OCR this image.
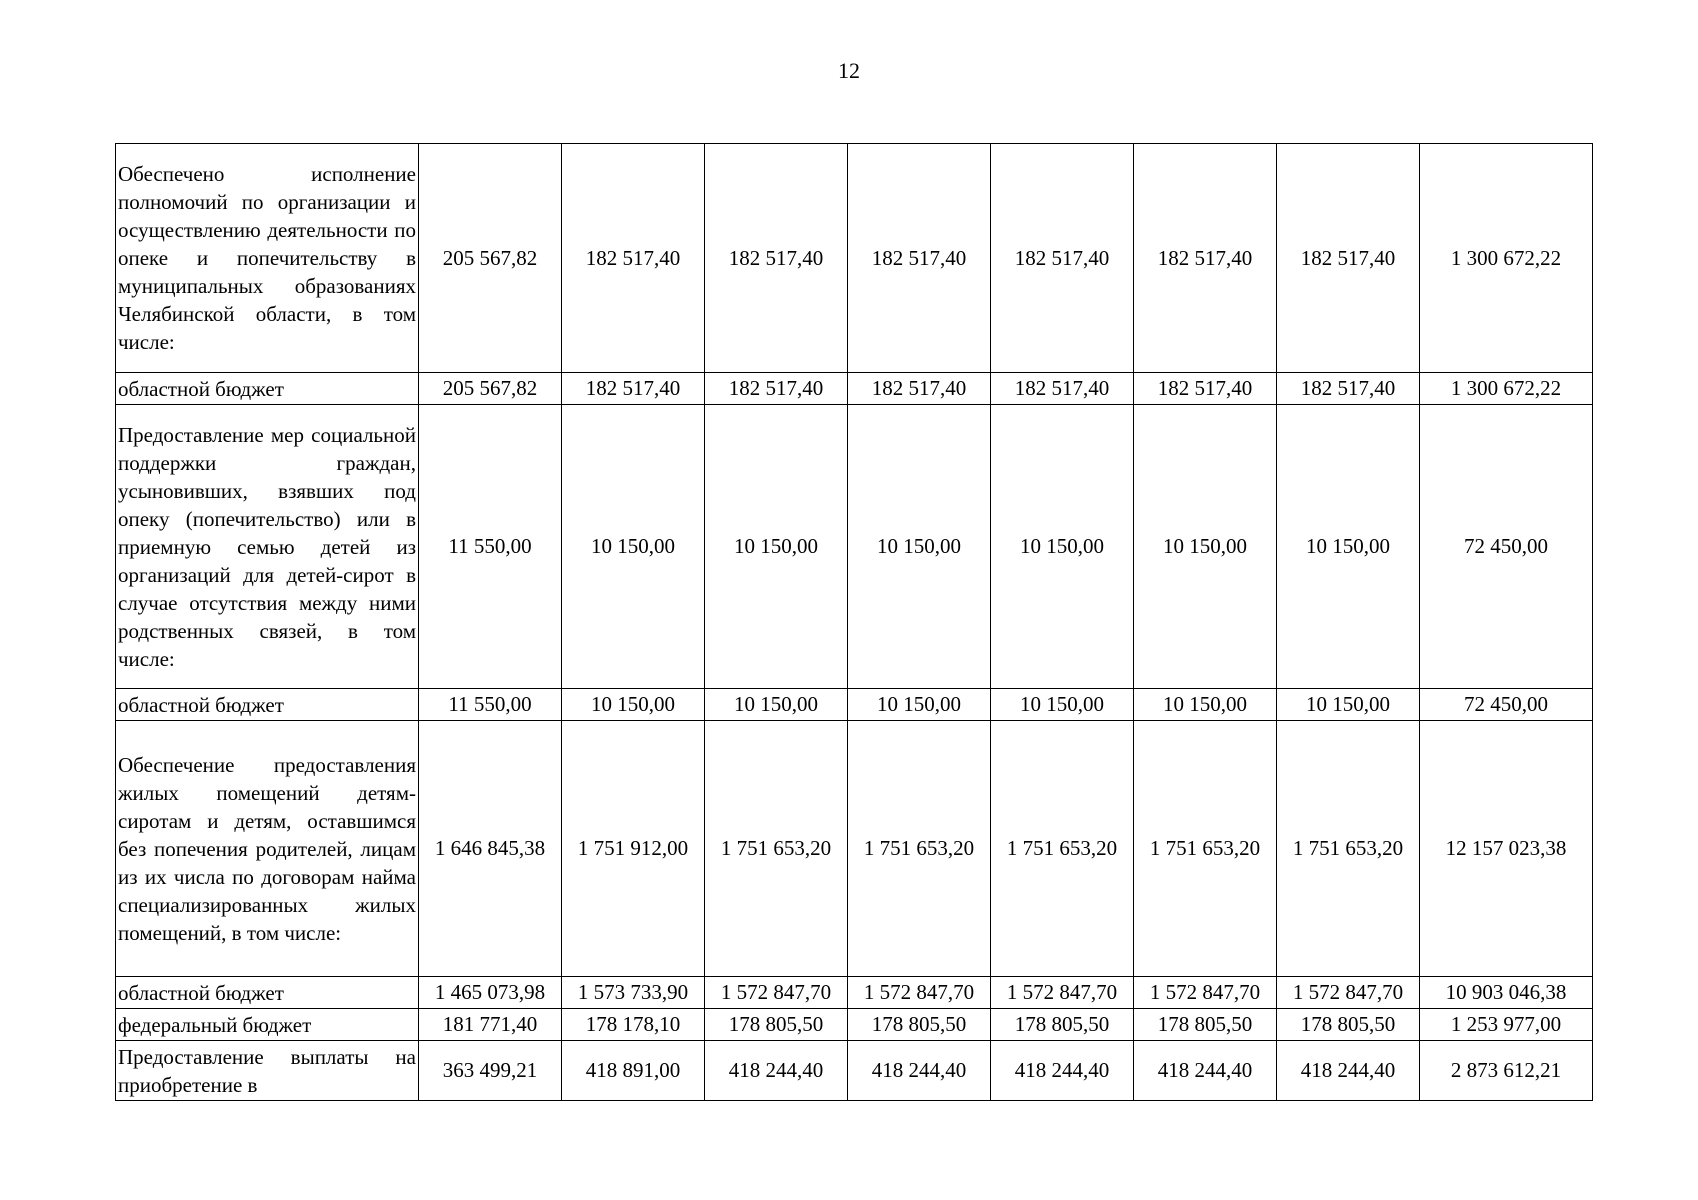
12
Обеспечено исполнение полномочий по организации и осуществлению деятельности по опеке и попечительству в муниципальных образованиях Челябинской области, в том числе:	205 567,82	182 517,40	182 517,40	182 517,40	182 517,40	182 517,40	182 517,40	1 300 672,22
областной бюджет	205 567,82	182 517,40	182 517,40	182 517,40	182 517,40	182 517,40	182 517,40	1 300 672,22
Предоставление мер социальной поддержки граждан, усыновивших, взявших под опеку (попечительство) или в приемную семью детей из организаций для детей-сирот в случае отсутствия между ними родственных связей, в том числе:	11 550,00	10 150,00	10 150,00	10 150,00	10 150,00	10 150,00	10 150,00	72 450,00
областной бюджет	11 550,00	10 150,00	10 150,00	10 150,00	10 150,00	10 150,00	10 150,00	72 450,00
Обеспечение предоставления жилых помещений детям-сиротам и детям, оставшимся без попечения родителей, лицам из их числа по договорам найма специализированных жилых помещений, в том числе:	1 646 845,38	1 751 912,00	1 751 653,20	1 751 653,20	1 751 653,20	1 751 653,20	1 751 653,20	12 157 023,38
областной бюджет	1 465 073,98	1 573 733,90	1 572 847,70	1 572 847,70	1 572 847,70	1 572 847,70	1 572 847,70	10 903 046,38
федеральный бюджет	181 771,40	178 178,10	178 805,50	178 805,50	178 805,50	178 805,50	178 805,50	1 253 977,00
Предоставление выплаты на приобретение в	363 499,21	418 891,00	418 244,40	418 244,40	418 244,40	418 244,40	418 244,40	2 873 612,21
